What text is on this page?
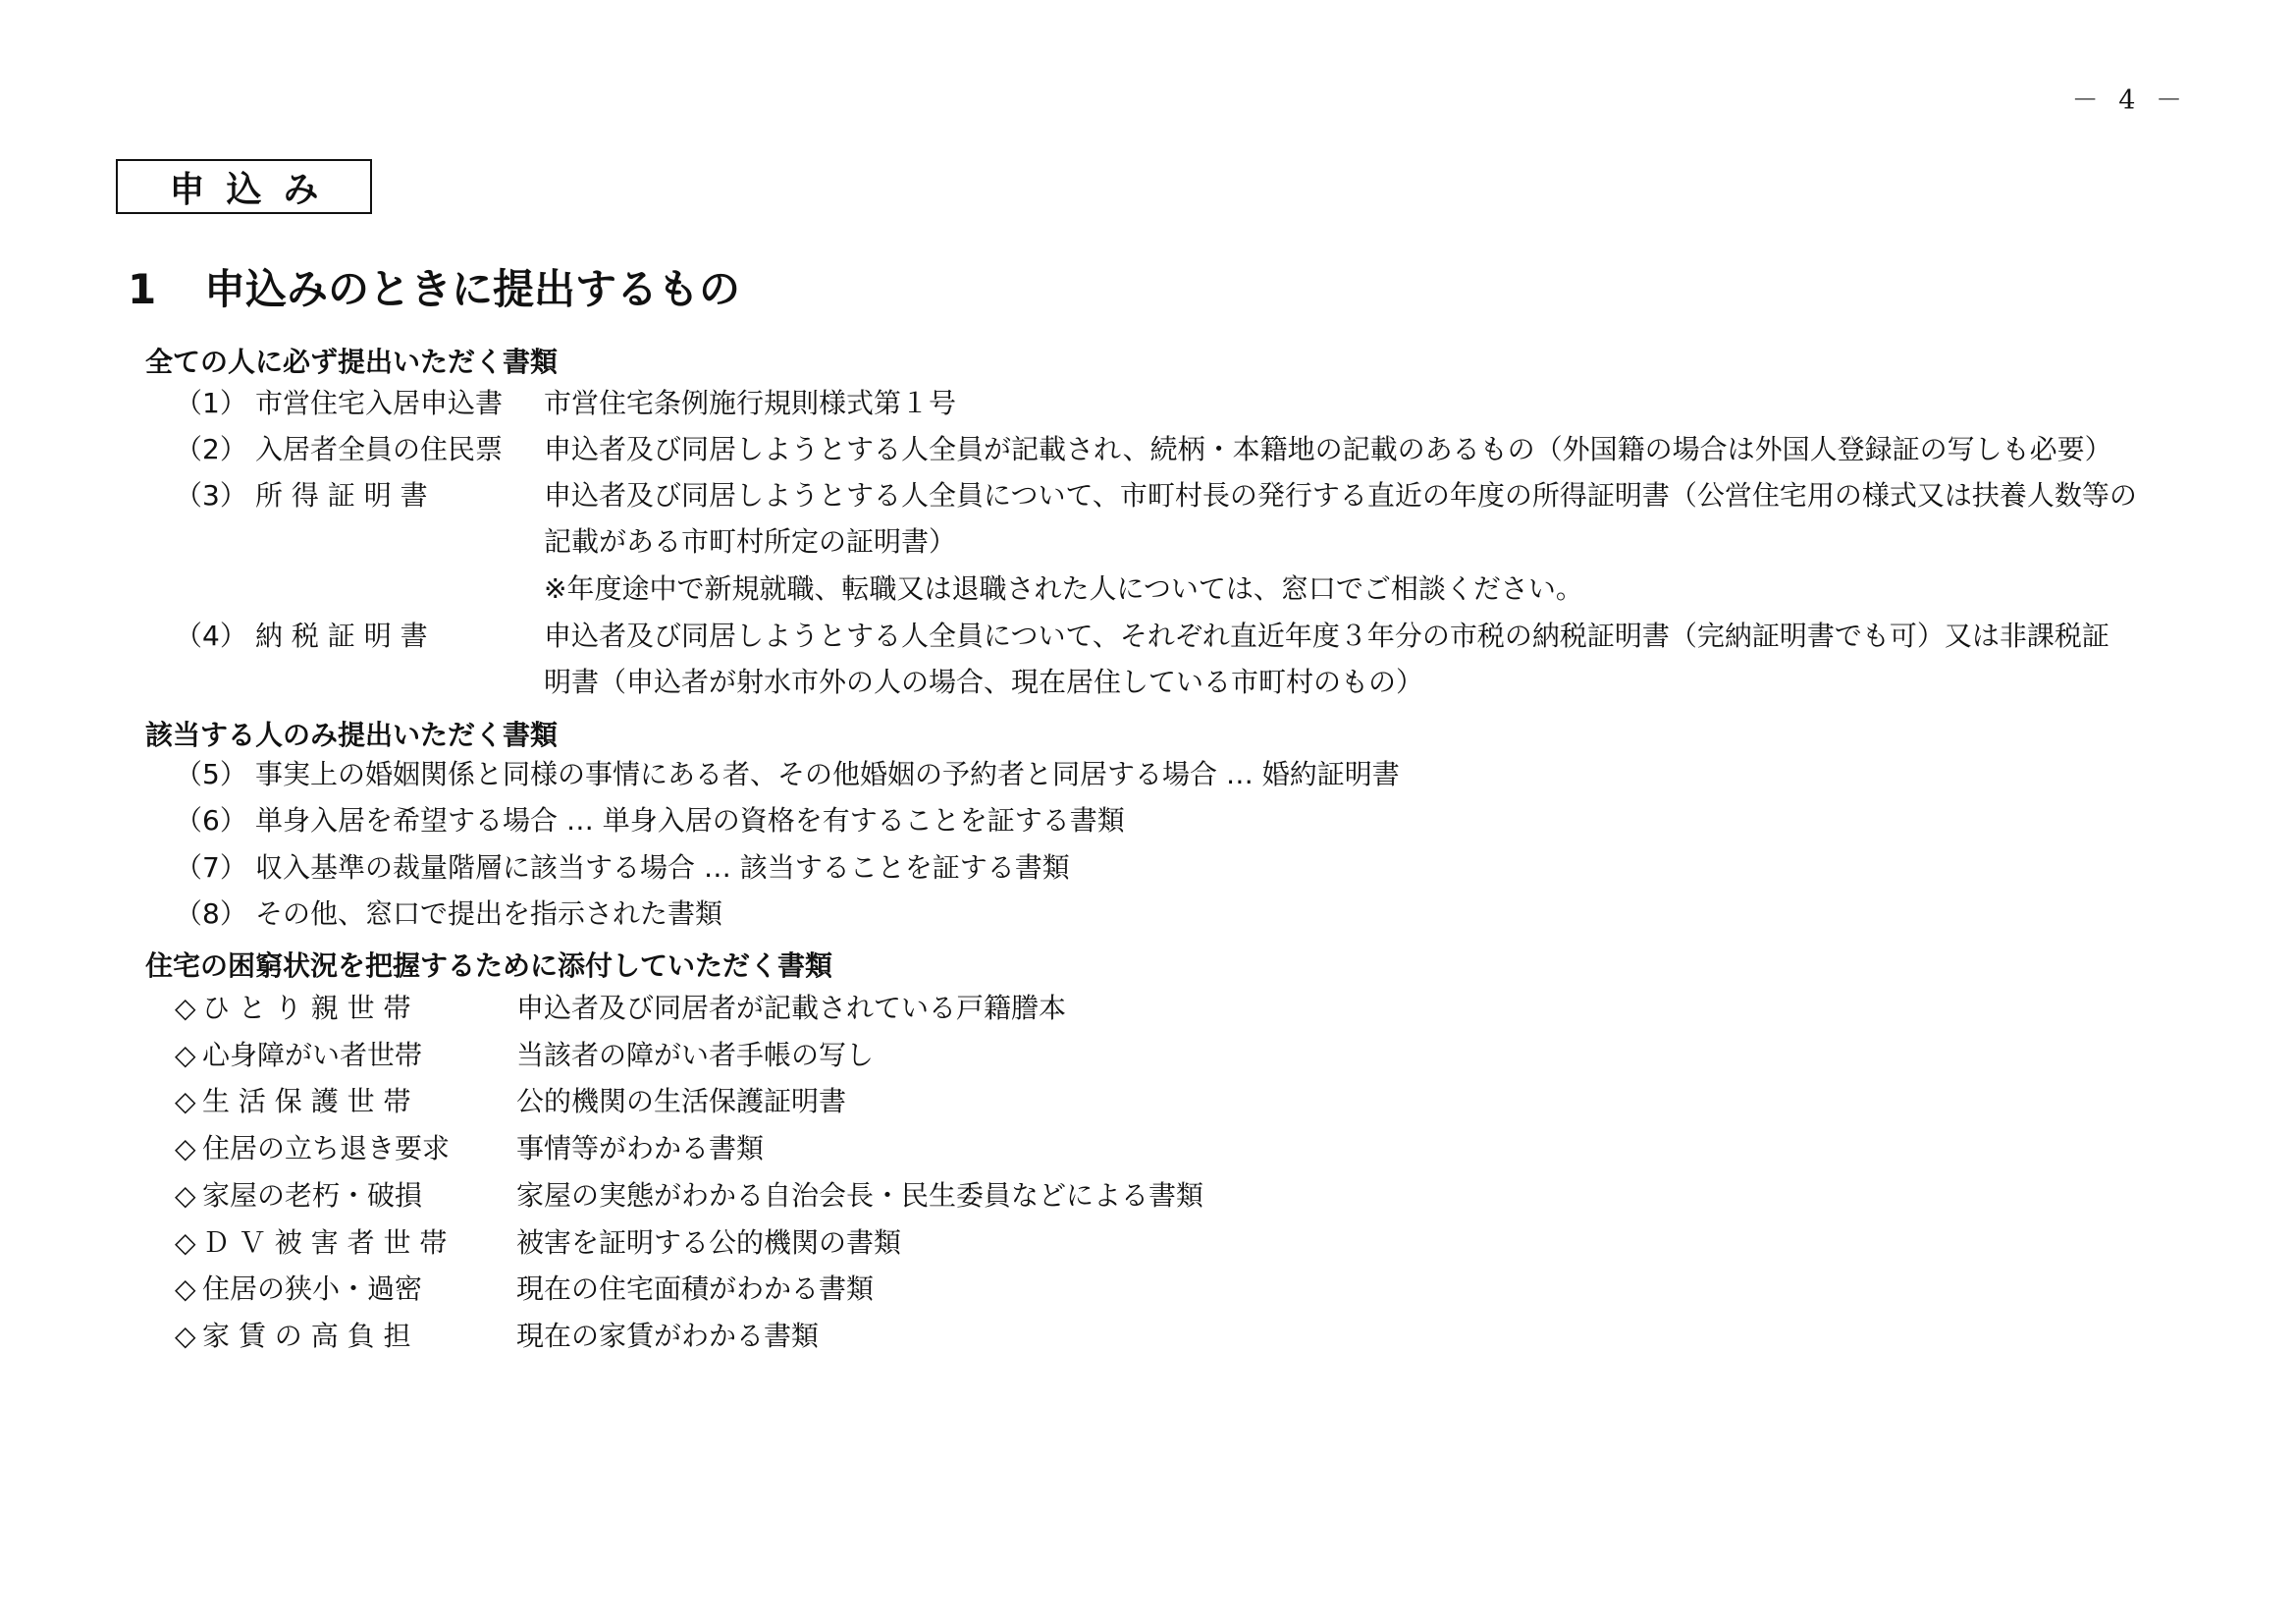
－ 4 －
申込み
1 申込みのときに提出するもの
全ての人に必ず提出いただく書類
（1） 市営住宅入居申込書 市営住宅条例施行規則様式第１号
（2） 入居者全員の住民票 申込者及び同居しようとする人全員が記載され、続柄・本籍地の記載のあるもの（外国籍の場合は外国人登録証の写しも必要）
（3） 所 得 証 明 書	申込者及び同居しようとする人全員について、市町村長の発行する直近の年度の所得証明書（公営住宅用の様式又は扶養人数等の
記載がある市町村所定の証明書）
※年度途中で新規就職、転職又は退職された人については、窓口でご相談ください。
（4） 納 税 証 明 書	申込者及び同居しようとする人全員について、それぞれ直近年度３年分の市税の納税証明書（完納証明書でも可）又は非課税証
明書（申込者が射水市外の人の場合、現在居住している市町村のもの）
該当する人のみ提出いただく書類
（5） 事実上の婚姻関係と同様の事情にある者、その他婚姻の予約者と同居する場合 … 婚約証明書
（6） 単身入居を希望する場合 … 単身入居の資格を有することを証する書類
（7） 収入基準の裁量階層に該当する場合 … 該当することを証する書類
（8） その他、窓口で提出を指示された書類
住宅の困窮状況を把握するために添付していただく書類
◇ ひ と り 親 世 帯	申込者及び同居者が記載されている戸籍謄本
◇ 心身障がい者世帯	当該者の障がい者手帳の写し
◇ 生 活 保 護 世 帯	公的機関の生活保護証明書
◇ 住居の立ち退き要求 事情等がわかる書類
◇ 家屋の老朽・破損	家屋の実態がわかる自治会長・民生委員などによる書類
◇ Ｄ Ｖ 被 害 者 世 帯	被害を証明する公的機関の書類
◇ 住居の狭小・過密	現在の住宅面積がわかる書類
◇ 家 賃 の 高 負 担	現在の家賃がわかる書類
